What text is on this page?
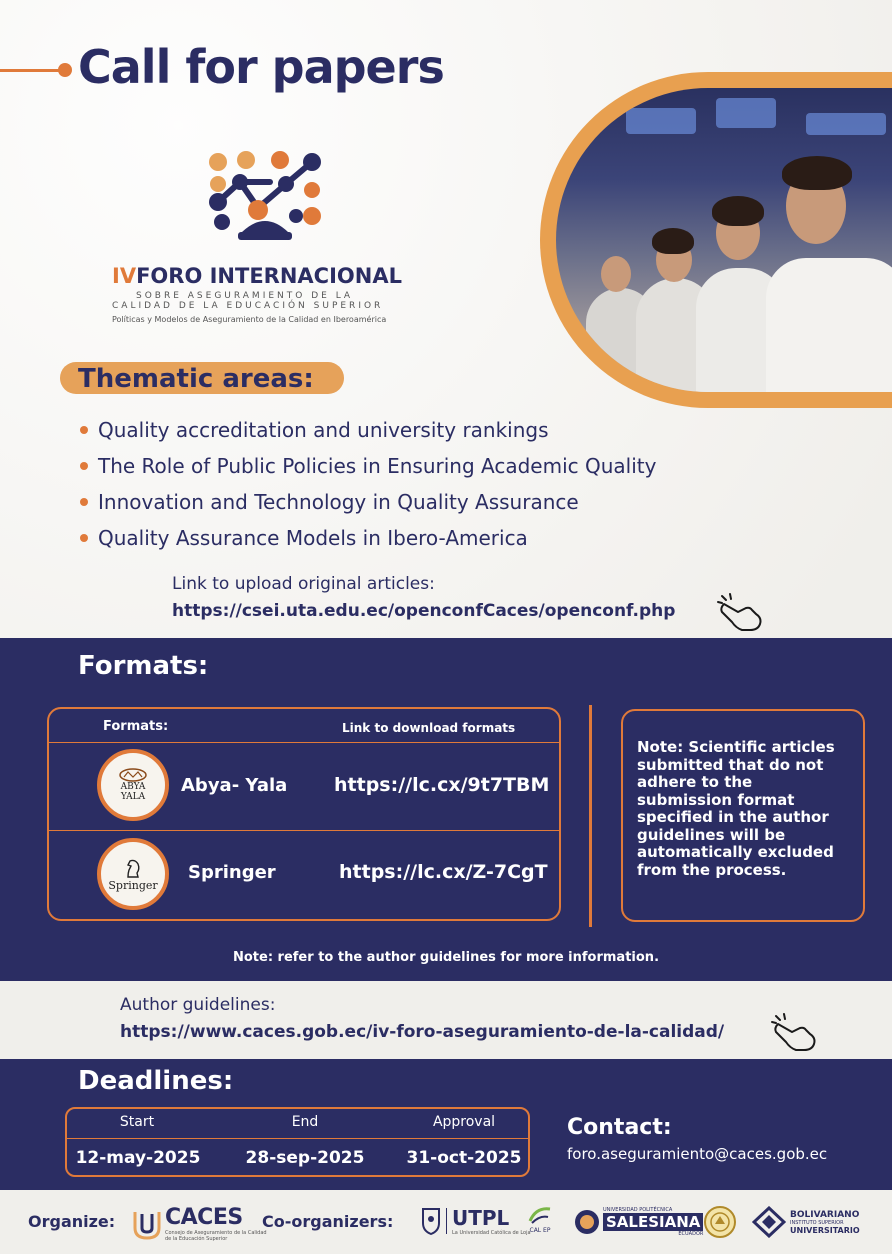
Call for papers
IVFORO INTERNACIONAL
SOBRE ASEGURAMIENTO DE LA
CALIDAD DE LA EDUCACIÓN SUPERIOR
Políticas y Modelos de Aseguramiento de la Calidad en Iberoamérica
Thematic areas:
Quality accreditation and university rankings
The Role of Public Policies in Ensuring Academic Quality
Innovation and Technology in Quality Assurance
Quality Assurance Models in Ibero-America
Link to upload original articles:
https://csei.uta.edu.ec/openconfCaces/openconf.php
Formats:
Formats:	Link to download formats
ABYA
YALA
Abya- Yala https://lc.cx/9t7TBM
Springer
Springer	https://lc.cx/Z-7CgT

Note: Scientific articles submitted that do not adhere to the submission format specified in the author guidelines will be automatically excluded from the process.

Note: refer to the author guidelines for more information.
Author guidelines:
https://www.caces.gob.ec/iv-foro-aseguramiento-de-la-calidad/
Deadlines:
Start	End	Approval
12-may-2025	28-sep-2025	31-oct-2025
Contact:
foro.aseguramiento@caces.gob.ec
Organize: CACES
Consejo de Aseguramiento de la Calidad
de la Educación Superior
Co-organizers:	UTPL
La Universidad Católica de Loja
CAL EP
UNIVERSIDAD POLITÉCNICA
SALESIANA
ECUADOR
BOLIVARIANO
INSTITUTO SUPERIOR
UNIVERSITARIO
